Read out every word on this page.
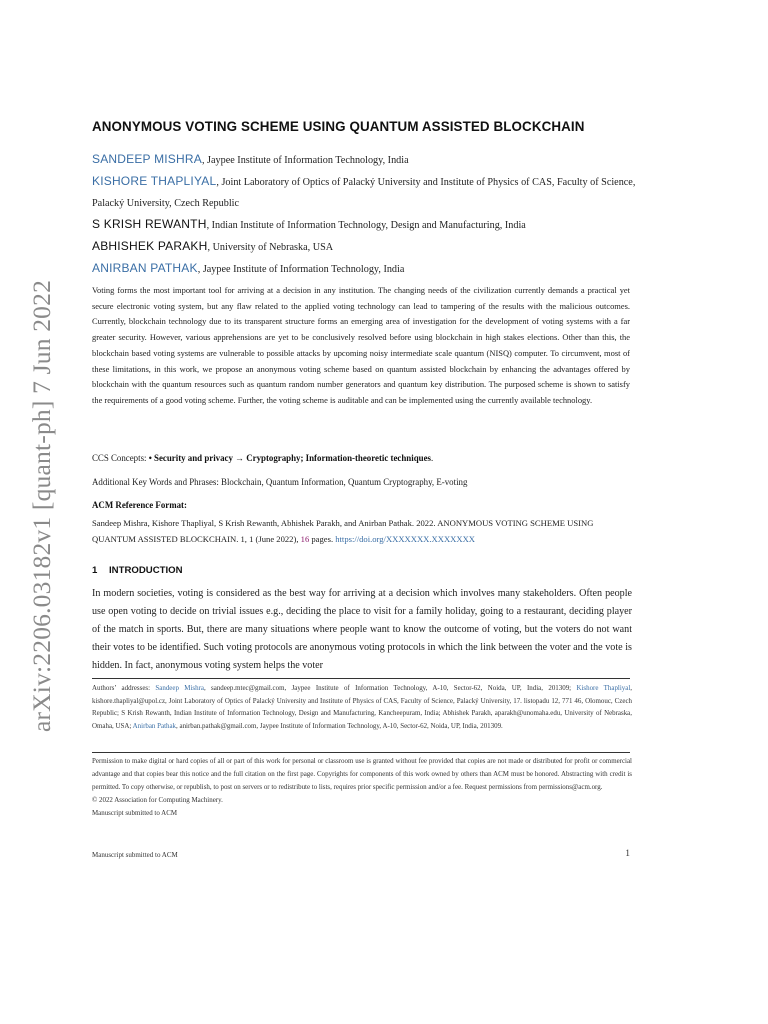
arXiv:2206.03182v1 [quant-ph] 7 Jun 2022
ANONYMOUS VOTING SCHEME USING QUANTUM ASSISTED BLOCKCHAIN
SANDEEP MISHRA, Jaypee Institute of Information Technology, India
KISHORE THAPLIYAL, Joint Laboratory of Optics of Palacký University and Institute of Physics of CAS, Faculty of Science, Palacký University, Czech Republic
S KRISH REWANTH, Indian Institute of Information Technology, Design and Manufacturing, India
ABHISHEK PARAKH, University of Nebraska, USA
ANIRBAN PATHAK, Jaypee Institute of Information Technology, India
Voting forms the most important tool for arriving at a decision in any institution. The changing needs of the civilization currently demands a practical yet secure electronic voting system, but any flaw related to the applied voting technology can lead to tampering of the results with the malicious outcomes. Currently, blockchain technology due to its transparent structure forms an emerging area of investigation for the development of voting systems with a far greater security. However, various apprehensions are yet to be conclusively resolved before using blockchain in high stakes elections. Other than this, the blockchain based voting systems are vulnerable to possible attacks by upcoming noisy intermediate scale quantum (NISQ) computer. To circumvent, most of these limitations, in this work, we propose an anonymous voting scheme based on quantum assisted blockchain by enhancing the advantages offered by blockchain with the quantum resources such as quantum random number generators and quantum key distribution. The purposed scheme is shown to satisfy the requirements of a good voting scheme. Further, the voting scheme is auditable and can be implemented using the currently available technology.
CCS Concepts: • Security and privacy → Cryptography; Information-theoretic techniques.
Additional Key Words and Phrases: Blockchain, Quantum Information, Quantum Cryptography, E-voting
ACM Reference Format:
Sandeep Mishra, Kishore Thapliyal, S Krish Rewanth, Abhishek Parakh, and Anirban Pathak. 2022. ANONYMOUS VOTING SCHEME USING QUANTUM ASSISTED BLOCKCHAIN. 1, 1 (June 2022), 16 pages. https://doi.org/XXXXXXX.XXXXXXX
1 INTRODUCTION
In modern societies, voting is considered as the best way for arriving at a decision which involves many stakeholders. Often people use open voting to decide on trivial issues e.g., deciding the place to visit for a family holiday, going to a restaurant, deciding player of the match in sports. But, there are many situations where people want to know the outcome of voting, but the voters do not want their votes to be identified. Such voting protocols are anonymous voting protocols in which the link between the voter and the vote is hidden. In fact, anonymous voting system helps the voter
Authors’ addresses: Sandeep Mishra, sandeep.mtec@gmail.com, Jaypee Institute of Information Technology, A-10, Sector-62, Noida, UP, India, 201309; Kishore Thapliyal, kishore.thapliyal@upol.cz, Joint Laboratory of Optics of Palacký University and Institute of Physics of CAS, Faculty of Science, Palacký University, 17. listopadu 12, 771 46, Olomouc, Czech Republic; S Krish Rewanth, Indian Institute of Information Technology, Design and Manufacturing, Kancheepuram, India; Abhishek Parakh, aparakh@unomaha.edu, University of Nebraska, Omaha, USA; Anirban Pathak, anirban.pathak@gmail.com, Jaypee Institute of Information Technology, A-10, Sector-62, Noida, UP, India, 201309.
Permission to make digital or hard copies of all or part of this work for personal or classroom use is granted without fee provided that copies are not made or distributed for profit or commercial advantage and that copies bear this notice and the full citation on the first page. Copyrights for components of this work owned by others than ACM must be honored. Abstracting with credit is permitted. To copy otherwise, or republish, to post on servers or to redistribute to lists, requires prior specific permission and/or a fee. Request permissions from permissions@acm.org.
© 2022 Association for Computing Machinery.
Manuscript submitted to ACM
Manuscript submitted to ACM	1
